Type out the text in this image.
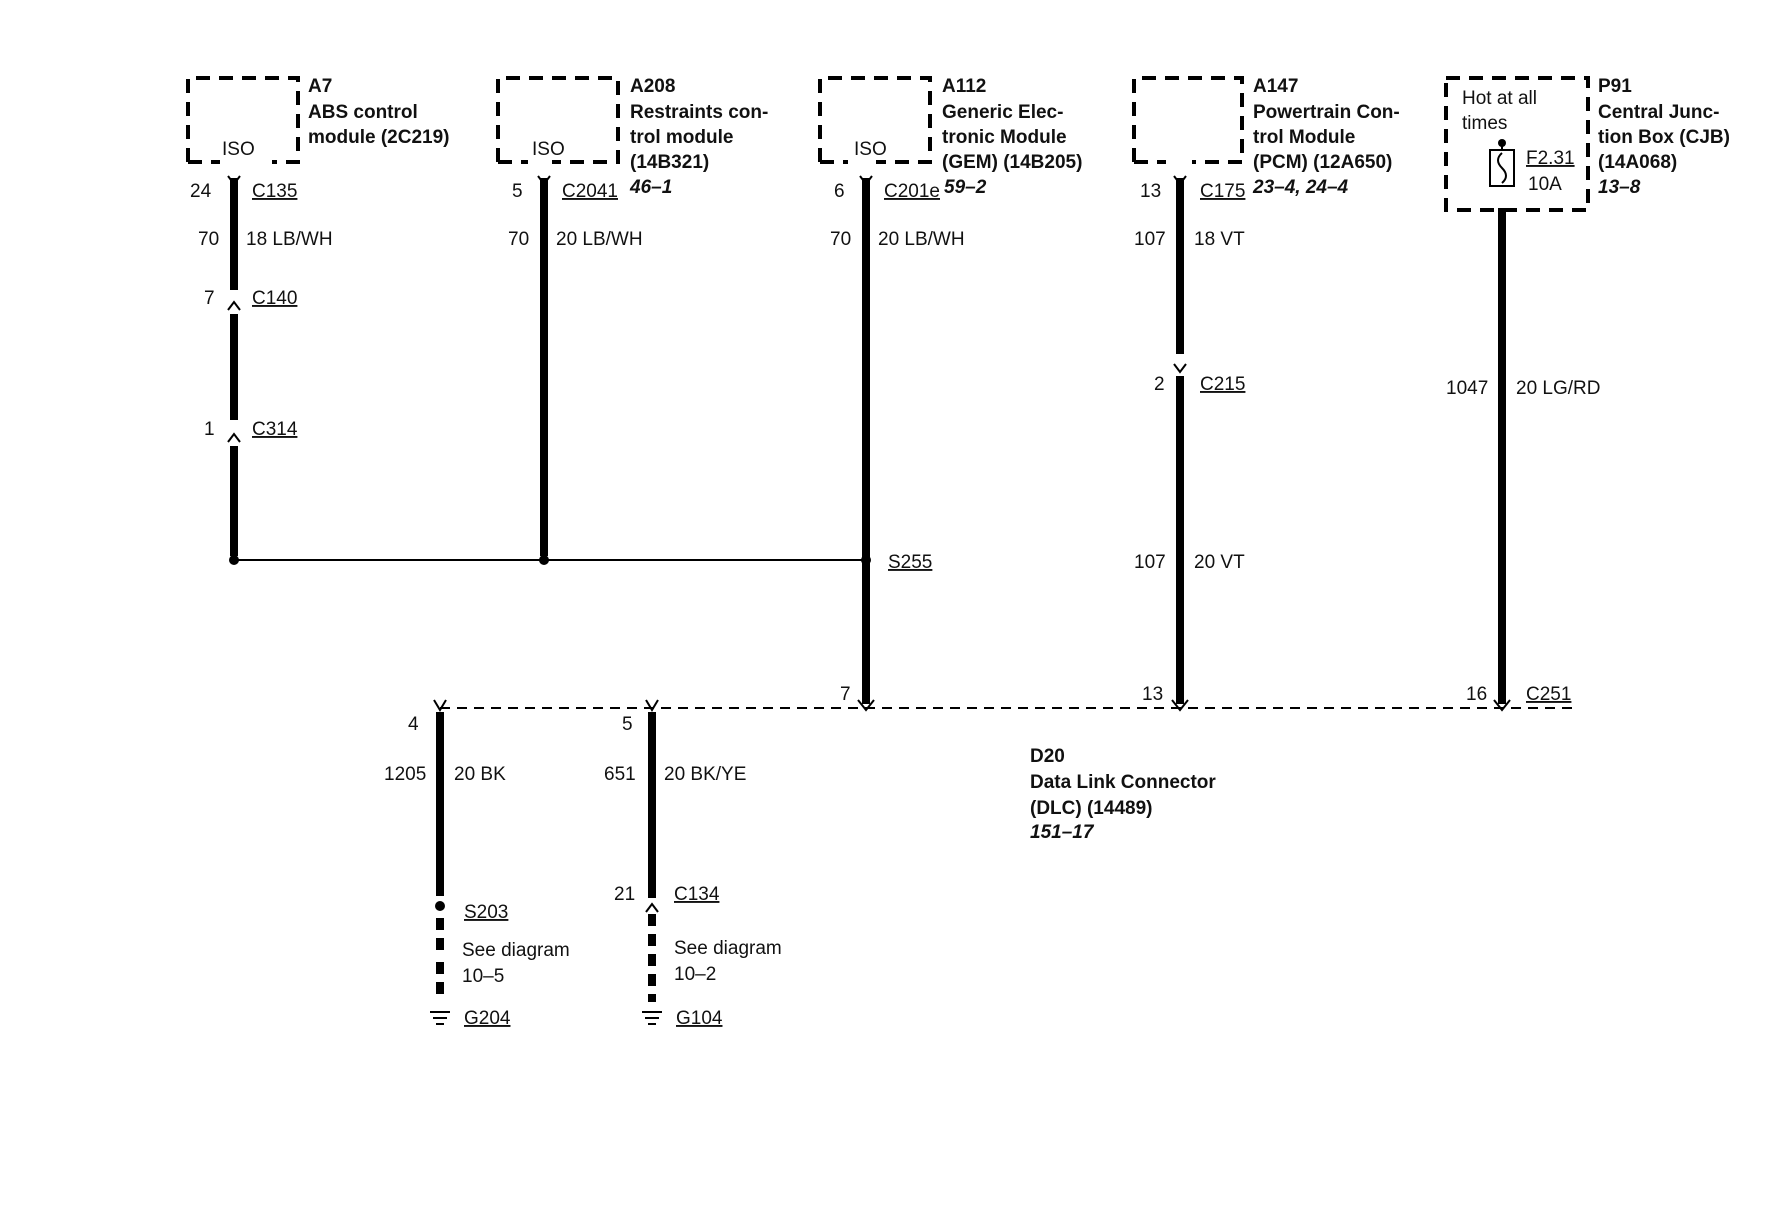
ISO
A7
ABS control
module (2C219)
24 C135
70 18 LB/WH
7 C140
1 C314
ISO
A208
Restraints con-
trol module
(14B321)
46–1
5 C2041
70 20 LB/WH
ISO
A112
Generic Elec-
tronic Module
(GEM) (14B205)
6 C201e 59–2
70 20 LB/WH
S255
A147
Powertrain Con-
trol Module
(PCM) (12A650)
23–4, 24–4
13 C175
107 18 VT
2 C215
107 20 VT
Hot at all
times
F2.31
10A
P91
Central Junc-
tion Box (CJB)
(14A068)
13–8
1047 20 LG/RD
7	13	16 C251
D20
Data Link Connector
(DLC) (14489)
151–17
4
1205 20 BK
S203
See diagram
10–5
G204
5
651 20 BK/YE
21 C134
See diagram
10–2
G104
